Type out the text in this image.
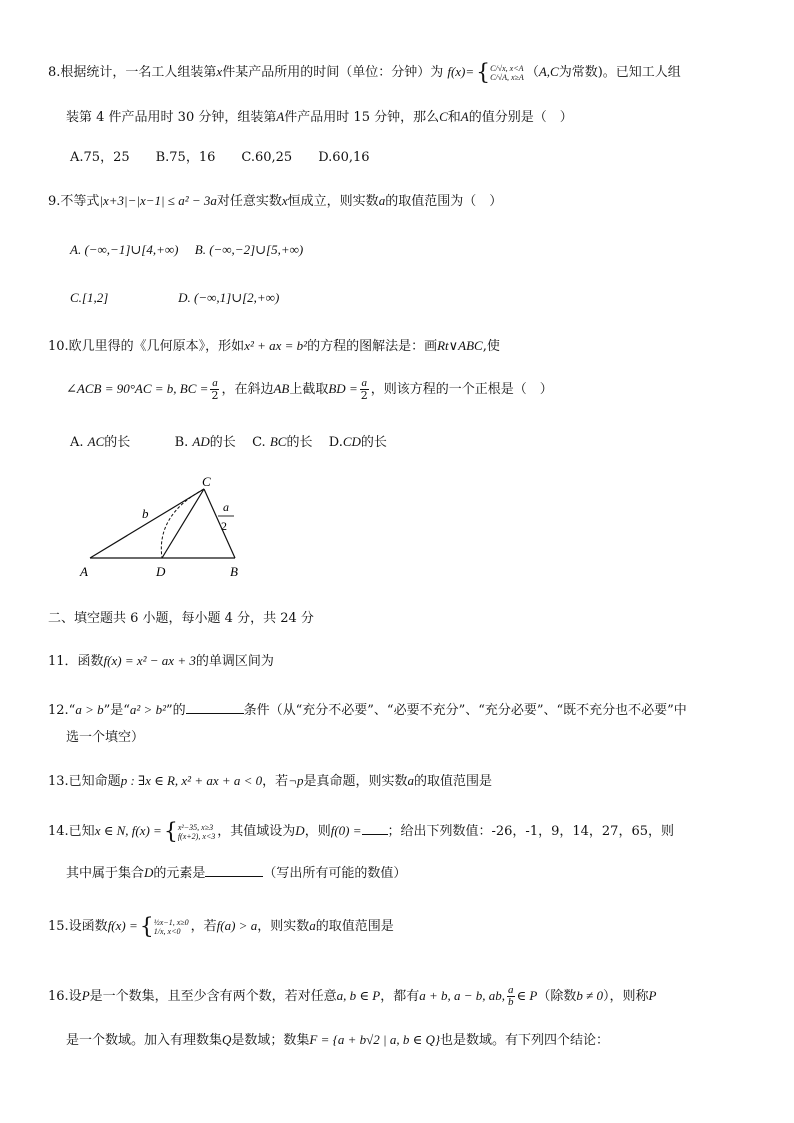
8.根据统计，一名工人组装第x件某产品所用的时间（单位：分钟）为 f(x)={ C/√x, x<A
C/√A, x≥A （A,C为常数)。已知工人组
装第 4 件产品用时 30 分钟，组装第A件产品用时 15 分钟，那么C和A的值分别是（　）
A.75，25　　B.75，16　　C.60,25　　D.60,16
9.不等式|x+3|−|x−1| ≤ a² − 3a对任意实数x恒成立，则实数a的取值范围为（　）
A. (−∞,−1]∪[4,+∞) B. (−∞,−2]∪[5,+∞)
C.[1,2]	D. (−∞,1]∪[2,+∞)
10.欧几里得的《几何原本》，形如x² + ax = b²的方程的图解法是：画Rt∨ABC,使
∠ACB = 90°AC = b, BC = $\frac{a}{2}$ ，在斜边AB上截取BD = $\frac{a}{2}$ ，则该方程的一个正根是（　）
A. AC的长	B. AD的长 C. BC的长 D.CD的长
A	D	B
C
b	a
2
二、填空题共 6 小题，每小题 4 分，共 24 分
11．函数f(x) = x² − ax + 3的单调区间为
12.“a > b”是“a² > b²”的	条件（从“充分不必要”、“必要不充分”、“充分必要”、“既不充分也不必要”中
选一个填空）
13.已知命题p : ∃x ∈ R, x² + ax + a < 0，若¬p是真命题，则实数a的取值范围是
14.已知x ∈ N, f(x) ={ x²−35, x≥3
f(x+2), x<3 ，其值域设为D，则f(0) = ；给出下列数值：-26，-1，9，14，27，65，则
其中属于集合D的元素是	（写出所有可能的数值）
15.设函数f(x) ={ ½x−1, x≥0
1/x, x<0 ，若f(a) > a，则实数a的取值范围是
16.设P是一个数集，且至少含有两个数，若对任意a, b ∈ P，都有a + b, a − b, ab, $\frac{a}{b}$ ∈ P（除数b ≠ 0），则称P
是一个数域。加入有理数集Q是数域；数集F = {a + b√2 | a, b ∈ Q}也是数域。有下列四个结论：
